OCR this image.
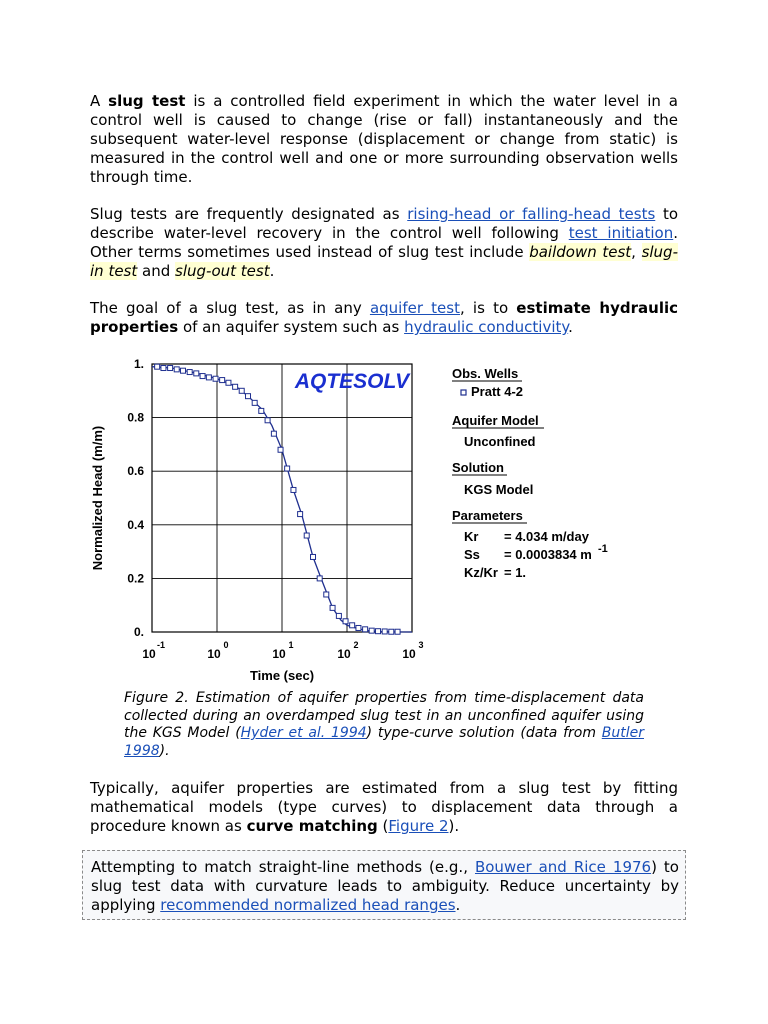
A slug test is a controlled field experiment in which the water level in a control well is caused to change (rise or fall) instantaneously and the subsequent water-level response (displacement or change from static) is measured in the control well and one or more surrounding observation wells through time.

Slug tests are frequently designated as rising-head or falling-head tests to describe water-level recovery in the control well following test initiation. Other terms sometimes used instead of slug test include baildown test, slug-in test and slug-out test.

The goal of a slug test, as in any aquifer test, is to estimate hydraulic properties of an aquifer system such as hydraulic conductivity.

AQTESOLV
0.
0.2
0.4
0.6
0.8
1.
10
-1
10
0
10
1
10
2
10
3
Time (sec)
Normalized Head (m/m)
Obs. Wells
Pratt 4-2
Aquifer Model
Unconfined
Solution
KGS Model
Parameters
Kr = 4.034 m/day
Ss = 0.0003834 m -1
Kz/Kr = 1.
Figure 2. Estimation of aquifer properties from time-displacement data collected during an overdamped slug test in an unconfined aquifer using the KGS Model (Hyder et al. 1994) type-curve solution (data from Butler 1998).
Typically, aquifer properties are estimated from a slug test by fitting mathematical models (type curves) to displacement data through a procedure known as curve matching (Figure 2).
Attempting to match straight-line methods (e.g., Bouwer and Rice 1976) to slug test data with curvature leads to ambiguity. Reduce uncertainty by applying recommended normalized head ranges.
